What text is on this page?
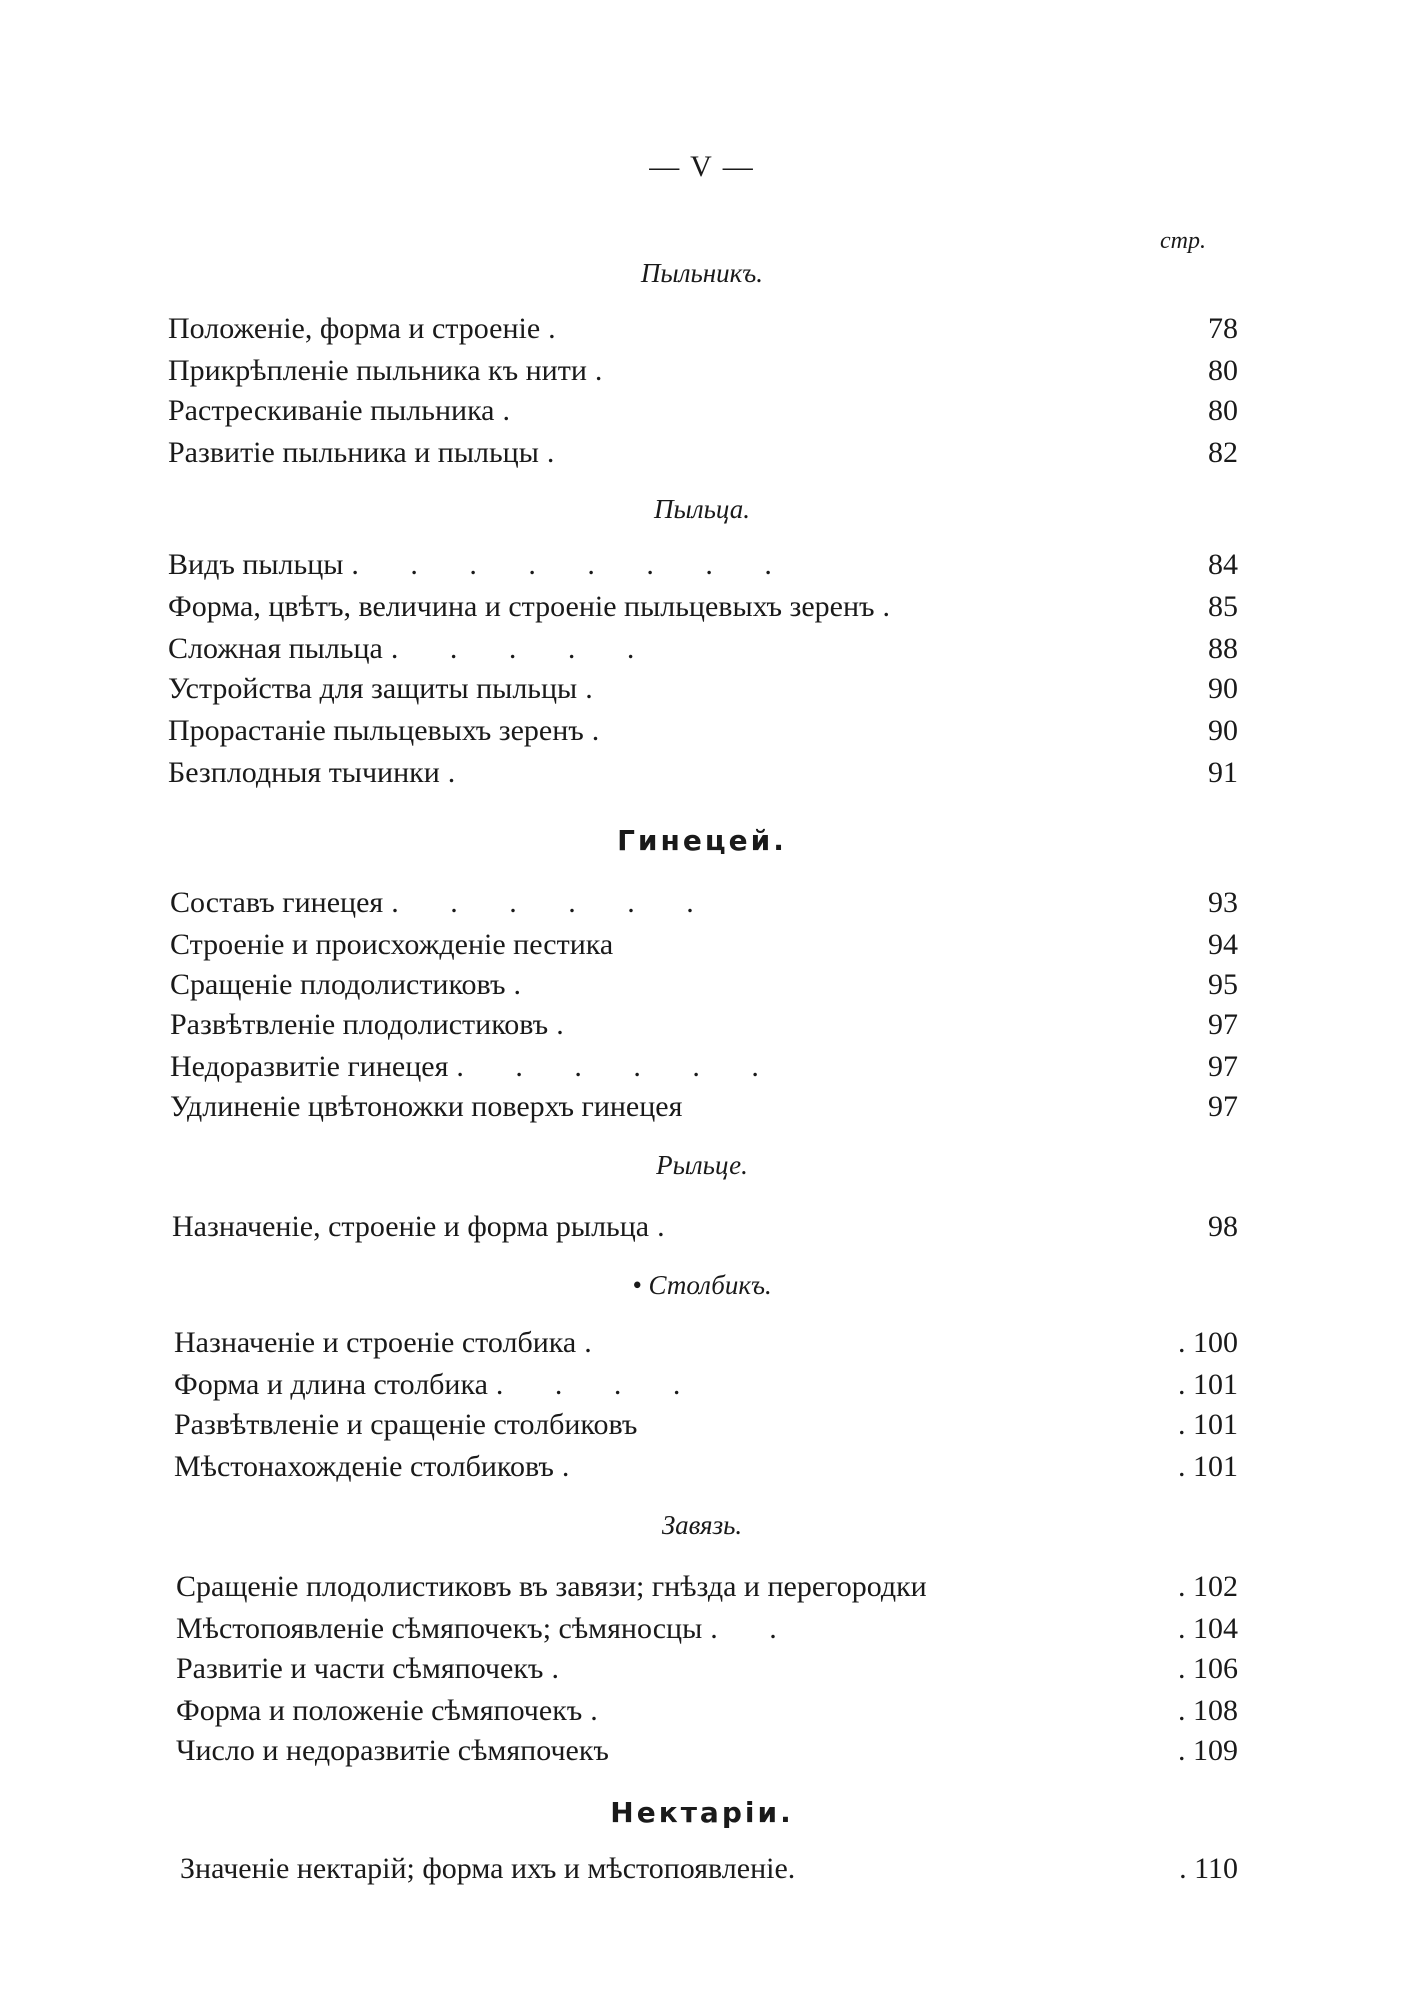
— V —
стр.
Пыльникъ.
Положеніе, форма и строеніе .	78
Прикрѣпленіе пыльника къ нити .	80
Растрескиваніе пыльника .	80
Развитіе пыльника и пыльцы .	82
Пыльца.
Видъ пыльцы . . . . . . . .	84
Форма, цвѣтъ, величина и строеніе пыльцевыхъ зеренъ .	85
Сложная пыльца . . . . .	88
Устройства для защиты пыльцы .	90
Прорастаніе пыльцевыхъ зеренъ .	90
Безплодныя тычинки .	91
Гинецей.
Составъ гинецея . . . . . .	93
Строеніе и происхожденіе пестика	94
Сращеніе плодолистиковъ .	95
Развѣтвленіе плодолистиковъ .	97
Недоразвитіе гинецея . . . . . .	97
Удлиненіе цвѣтоножки поверхъ гинецея	97
Рыльце.
Назначеніе, строеніе и форма рыльца .	98
• Столбикъ.
Назначеніе и строеніе столбика .	. 100
Форма и длина столбика . . . .	. 101
Развѣтвленіе и сращеніе столбиковъ	. 101
Мѣстонахожденіе столбиковъ .	. 101
Завязь.
Сращеніе плодолистиковъ въ завязи; гнѣзда и перегородки	. 102
Мѣстопоявленіе сѣмяпочекъ; сѣмяносцы . .	. 104
Развитіе и части сѣмяпочекъ .	. 106
Форма и положеніе сѣмяпочекъ .	. 108
Число и недоразвитіе сѣмяпочекъ	. 109
Нектаріи.
Значеніе нектарій; форма ихъ и мѣстопоявленіе.	. 110
